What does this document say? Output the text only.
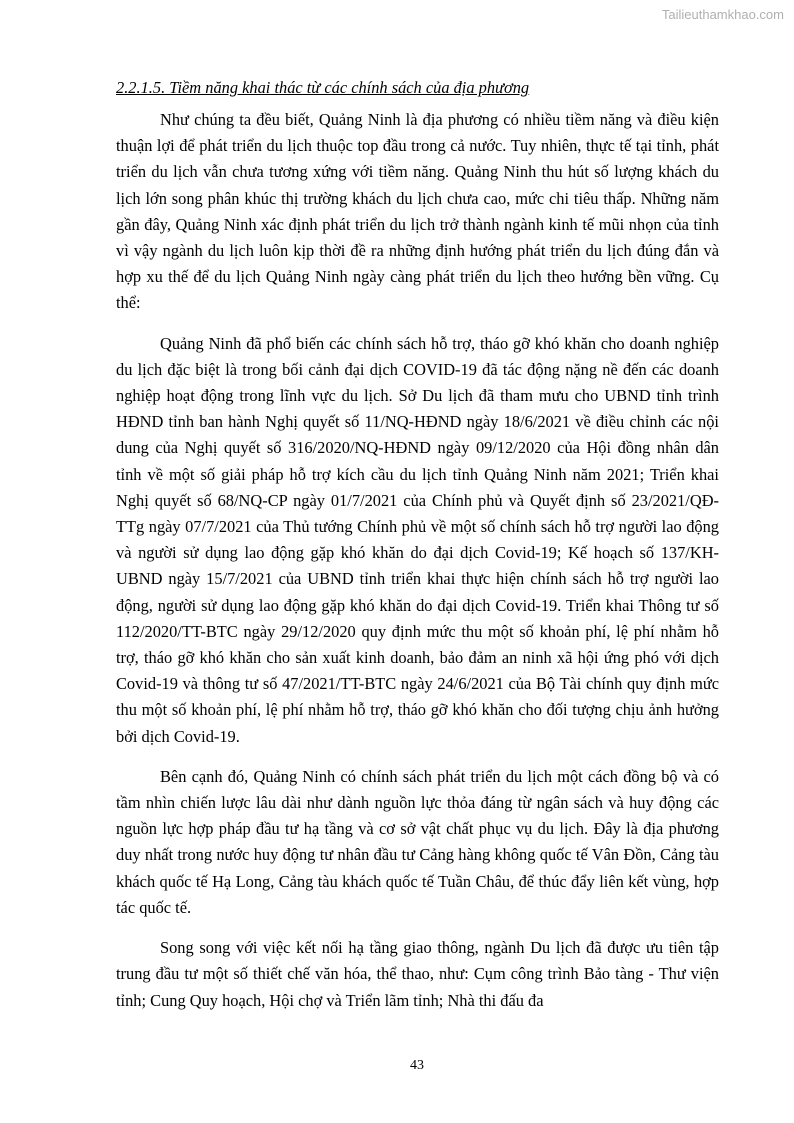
Tailieuthamkhao.com

2.2.1.5. Tiềm năng khai thác từ các chính sách của địa phương

Như chúng ta đều biết, Quảng Ninh là địa phương có nhiều tiềm năng và điều kiện thuận lợi để phát triển du lịch thuộc top đầu trong cả nước. Tuy nhiên, thực tế tại tỉnh, phát triển du lịch vẫn chưa tương xứng với tiềm năng. Quảng Ninh thu hút số lượng khách du lịch lớn song phân khúc thị trường khách du lịch chưa cao, mức chi tiêu thấp. Những năm gần đây, Quảng Ninh xác định phát triển du lịch trở thành ngành kinh tế mũi nhọn của tỉnh vì vậy ngành du lịch luôn kịp thời đề ra những định hướng phát triển du lịch đúng đắn và hợp xu thế để du lịch Quảng Ninh ngày càng phát triển du lịch theo hướng bền vững. Cụ thể:

Quảng Ninh đã phổ biến các chính sách hỗ trợ, tháo gỡ khó khăn cho doanh nghiệp du lịch đặc biệt là trong bối cảnh đại dịch COVID-19 đã tác động nặng nề đến các doanh nghiệp hoạt động trong lĩnh vực du lịch. Sở Du lịch đã tham mưu cho UBND tỉnh trình HĐND tỉnh ban hành Nghị quyết số 11/NQ-HĐND ngày 18/6/2021 về điều chỉnh các nội dung của Nghị quyết số 316/2020/NQ-HĐND ngày 09/12/2020 của Hội đồng nhân dân tỉnh về một số giải pháp hỗ trợ kích cầu du lịch tỉnh Quảng Ninh năm 2021; Triển khai Nghị quyết số 68/NQ-CP ngày 01/7/2021 của Chính phủ và Quyết định số 23/2021/QĐ-TTg ngày 07/7/2021 của Thủ tướng Chính phủ về một số chính sách hỗ trợ người lao động và người sử dụng lao động gặp khó khăn do đại dịch Covid-19; Kế hoạch số 137/KH-UBND ngày 15/7/2021 của UBND tỉnh triển khai thực hiện chính sách hỗ trợ người lao động, người sử dụng lao động gặp khó khăn do đại dịch Covid-19. Triển khai Thông tư số 112/2020/TT-BTC ngày 29/12/2020 quy định mức thu một số khoản phí, lệ phí nhằm hỗ trợ, tháo gỡ khó khăn cho sản xuất kinh doanh, bảo đảm an ninh xã hội ứng phó với dịch Covid-19 và thông tư số 47/2021/TT-BTC ngày 24/6/2021 của Bộ Tài chính quy định mức thu một số khoản phí, lệ phí nhằm hỗ trợ, tháo gỡ khó khăn cho đối tượng chịu ảnh hưởng bởi dịch Covid-19.

Bên cạnh đó, Quảng Ninh có chính sách phát triển du lịch một cách đồng bộ và có tầm nhìn chiến lược lâu dài như dành nguồn lực thỏa đáng từ ngân sách và huy động các nguồn lực hợp pháp đầu tư hạ tầng và cơ sở vật chất phục vụ du lịch. Đây là địa phương duy nhất trong nước huy động tư nhân đầu tư Cảng hàng không quốc tế Vân Đồn, Cảng tàu khách quốc tế Hạ Long, Cảng tàu khách quốc tế Tuần Châu, để thúc đẩy liên kết vùng, hợp tác quốc tế.

Song song với việc kết nối hạ tầng giao thông, ngành Du lịch đã được ưu tiên tập trung đầu tư một số thiết chế văn hóa, thể thao, như: Cụm công trình Bảo tàng - Thư viện tỉnh; Cung Quy hoạch, Hội chợ và Triển lãm tỉnh; Nhà thi đấu đa

43
